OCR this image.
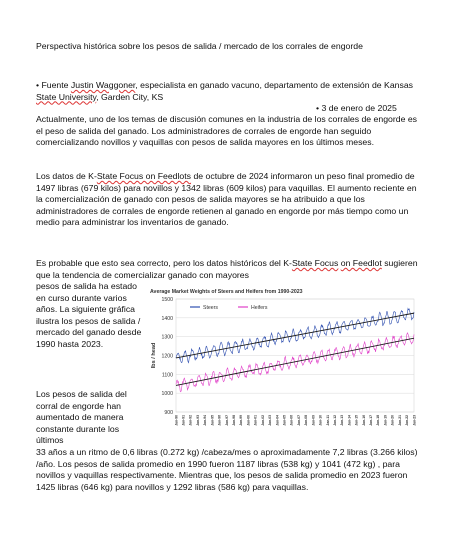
Perspectiva histórica sobre los pesos de salida / mercado de los corrales de engorde

• Fuente Justin Waggoner, especialista en ganado vacuno, departamento de extensión de Kansas State University, Garden City, KS

• 3 de enero de 2025

Actualmente, uno de los temas de discusión comunes en la industria de los corrales de engorde es el peso de salida del ganado. Los administradores de corrales de engorde han seguido comercializando novillos y vaquillas con pesos de salida mayores en los últimos meses.

Los datos de K-State Focus on Feedlots de octubre de 2024 informaron un peso final promedio de 1497 libras (679 kilos) para novillos y 1342 libras (609 kilos) para vaquillas. El aumento reciente en la comercialización de ganado con pesos de salida mayores se ha atribuido a que los administradores de corrales de engorde retienen al ganado en engorde por más tiempo como un medio para administrar los inventarios de ganado.

Es probable que esto sea correcto, pero los datos históricos del K-State Focus on Feedlot sugieren que la tendencia de comercializar ganado con mayores

pesos de salida ha estado en curso durante varios años. La siguiente gráfica ilustra los pesos de salida / mercado del ganado desde 1990 hasta 2023.

Los pesos de salida del corral de engorde han aumentado de manera constante durante los últimos

33 años a un ritmo de 0,6 libras (0.272 kg) /cabeza/mes o aproximadamente 7,2 libras (3.266 kilos) /año. Los pesos de salida promedio en 1990 fueron 1187 libras (538 kg) y 1041 (472 kg) , para novillos y vaquillas respectivamente. Mientras que, los pesos de salida promedio en 2023 fueron 1425 libras (646 kg) para novillos y 1292 libras (586 kg) para vaquillas.

Average Market Weights of Steers and Heifers from 1990-2023
900
1000
1100
1200
1300
1400
1500
lbs / head
Jan-90 Jan-91 Jan-92 Jan-93 Jan-94 Jan-95 Jan-96 Jan-97 Jan-98 Jan-99 Jan-00 Jan-01 Jan-02 Jan-03 Jan-04 Jan-05 Jan-06 Jan-07 Jan-08 Jan-09 Jan-10 Jan-11 Jan-12 Jan-13 Jan-14 Jan-15 Jan-16 Jan-17 Jan-18 Jan-19 Jan-20 Jan-21 Jan-22 Jan-23
Steers	Heifers
